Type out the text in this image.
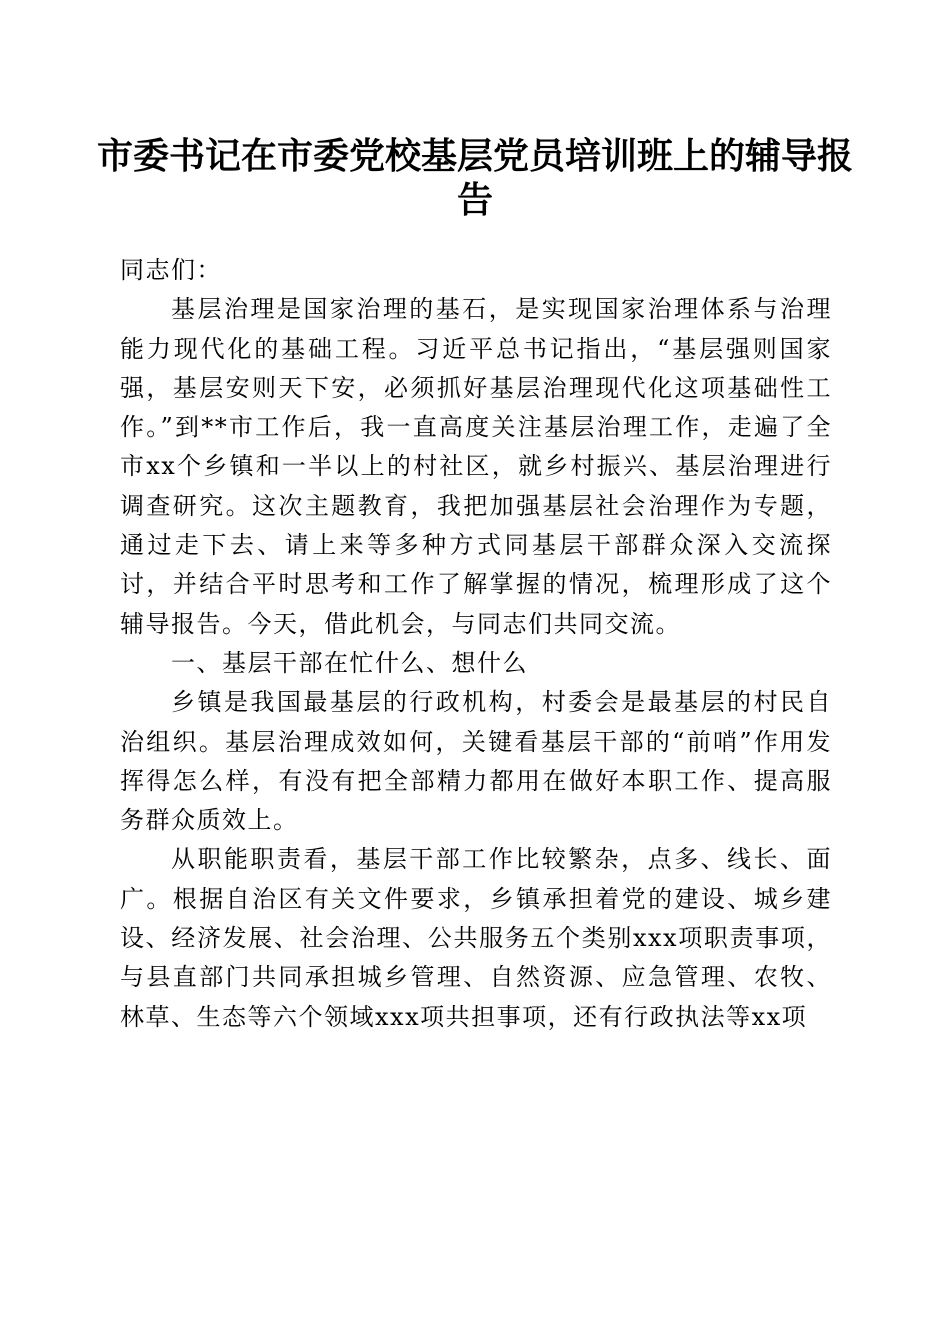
市委书记在市委党校基层党员培训班上的辅导报告

同志们：

基层治理是国家治理的基石，是实现国家治理体系与治理能力现代化的基础工程。习近平总书记指出，“基层强则国家强，基层安则天下安，必须抓好基层治理现代化这项基础性工作。”到**市工作后，我一直高度关注基层治理工作，走遍了全市xx个乡镇和一半以上的村社区，就乡村振兴、基层治理进行调查研究。这次主题教育，我把加强基层社会治理作为专题，通过走下去、请上来等多种方式同基层干部群众深入交流探讨，并结合平时思考和工作了解掌握的情况，梳理形成了这个辅导报告。今天，借此机会，与同志们共同交流。

一、基层干部在忙什么、想什么

乡镇是我国最基层的行政机构，村委会是最基层的村民自治组织。基层治理成效如何，关键看基层干部的“前哨”作用发挥得怎么样，有没有把全部精力都用在做好本职工作、提高服务群众质效上。

从职能职责看，基层干部工作比较繁杂，点多、线长、面广。根据自治区有关文件要求，乡镇承担着党的建设、城乡建设、经济发展、社会治理、公共服务五个类别xxx项职责事项，与县直部门共同承担城乡管理、自然资源、应急管理、农牧、林草、生态等六个领域xxx项共担事项，还有行政执法等xx项
